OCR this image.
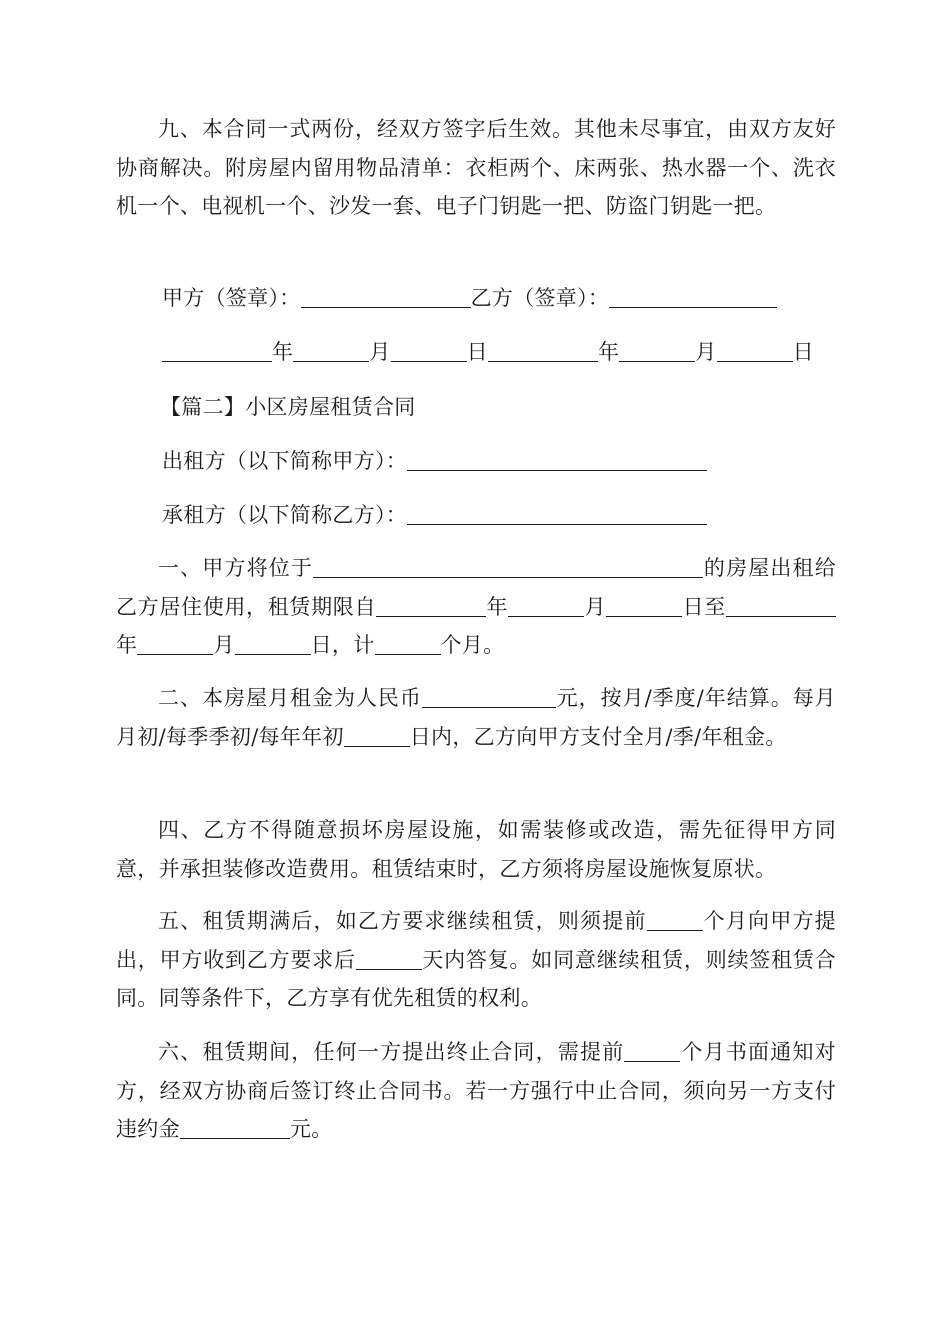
九、本合同一式两份，经双方签字后生效。其他未尽事宜，由双方友好协商解决。附房屋内留用物品清单：衣柜两个、床两张、热水器一个、洗衣机一个、电视机一个、沙发一套、电子门钥匙一把、防盗门钥匙一把。
甲方（签章）：	乙方（签章）：
年	月	日	年	月	日
【篇二】小区房屋租赁合同
出租方（以下简称甲方）：
承租方（以下简称乙方）：
一、甲方将位于	的房屋出租给乙方居住使用，租赁期限自	年	月	日至年	月	日，计	个月。
二、本房屋月租金为人民币	元，按月/季度/年结算。每月月初/每季季初/每年年初	日内，乙方向甲方支付全月/季/年租金。
四、乙方不得随意损坏房屋设施，如需装修或改造，需先征得甲方同意，并承担装修改造费用。租赁结束时，乙方须将房屋设施恢复原状。
五、租赁期满后，如乙方要求继续租赁，则须提前	个月向甲方提出，甲方收到乙方要求后	天内答复。如同意继续租赁，则续签租赁合同。同等条件下，乙方享有优先租赁的权利。
六、租赁期间，任何一方提出终止合同，需提前	个月书面通知对方，经双方协商后签订终止合同书。若一方强行中止合同，须向另一方支付违约金	元。
